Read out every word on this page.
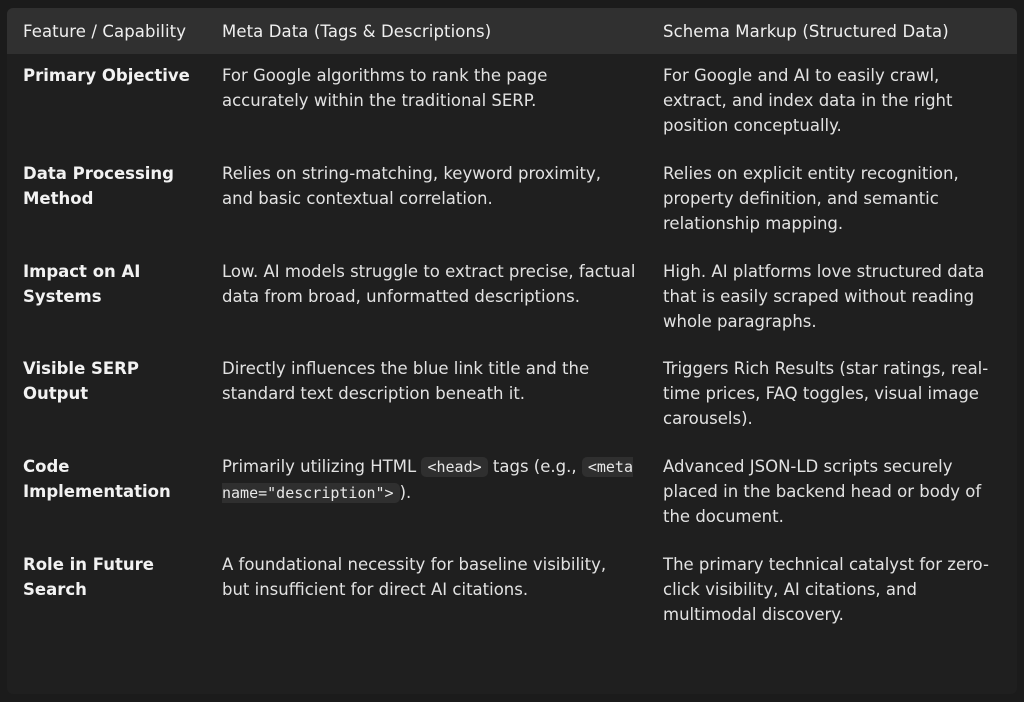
Feature / Capability	Meta Data (Tags & Descriptions)	Schema Markup (Structured Data)
Primary Objective	For Google algorithms to rank the page accurately within the traditional SERP.	For Google and AI to easily crawl, extract, and index data in the right position conceptually.
Data Processing Method	Relies on string-matching, keyword proximity, and basic contextual correlation.	Relies on explicit entity recognition, property definition, and semantic relationship mapping.
Impact on AI Systems	Low. AI models struggle to extract precise, factual data from broad, unformatted descriptions.	High. AI platforms love structured data that is easily scraped without reading whole paragraphs.
Visible SERP Output	Directly influences the blue link title and the standard text description beneath it.	Triggers Rich Results (star ratings, real-time prices, FAQ toggles, visual image carousels).
Code Implementation	Primarily utilizing HTML <head> tags (e.g., <meta name="description"> ).	Advanced JSON-LD scripts securely placed in the backend head or body of the document.
Role in Future Search	A foundational necessity for baseline visibility, but insufficient for direct AI citations.	The primary technical catalyst for zero-click visibility, AI citations, and multimodal discovery.
